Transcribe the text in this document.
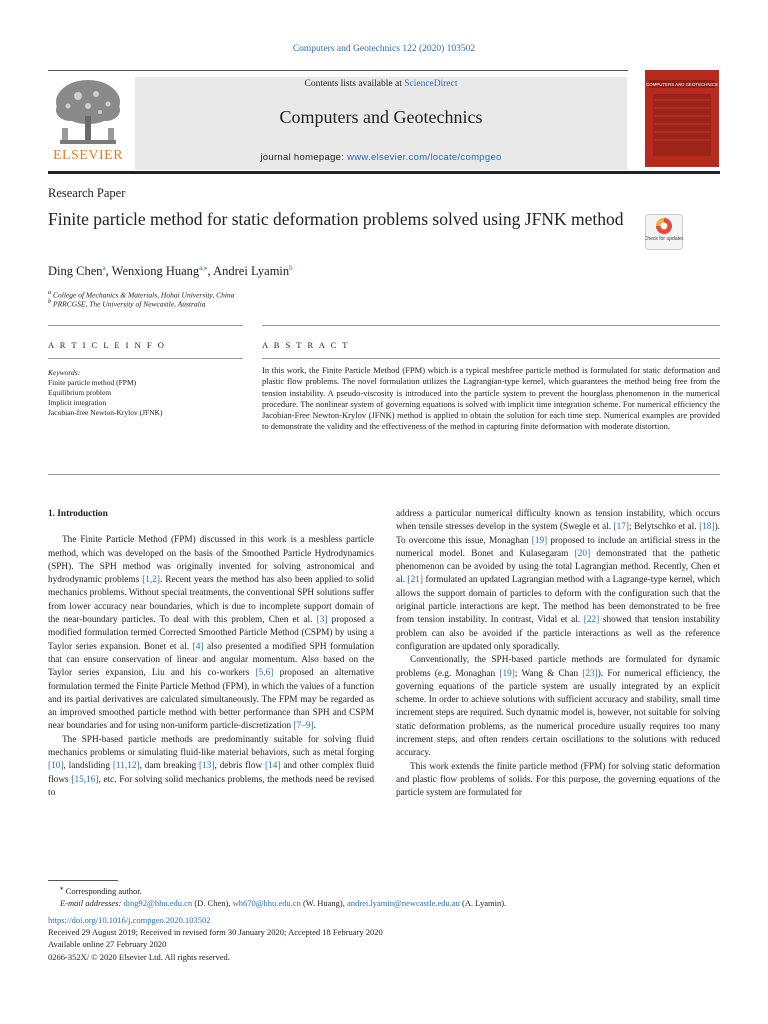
Computers and Geotechnics 122 (2020) 103502
ELSEVIER
Contents lists available at ScienceDirect
Computers and Geotechnics
journal homepage: www.elsevier.com/locate/compgeo
COMPUTERS AND GEOTECHNICS
Research Paper
Finite particle method for static deformation problems solved using JFNK method
Check for updates
Ding Chen$^a$, Wenxiong Huang$^{a,⁎}$, Andrei Lyamin$^b$
$^a$ College of Mechanics & Materials, Hohai University, China
$^b$ PRRCGSE, The University of Newcastle, Australia
A R T I C L E I N F O	A B S T R A C T
Keywords:
Finite particle method (FPM)
Equilibrium problem
Implicit integration
Jacobian-free Newton-Krylov (JFNK)
In this work, the Finite Particle Method (FPM) which is a typical meshfree particle method is formulated for static deformation and plastic flow problems. The novel formulation utilizes the Lagrangian-type kernel, which guarantees the method being free from the tension instability. A pseudo-viscosity is introduced into the particle system to prevent the hourglass phenomenon in the numerical procedure. The nonlinear system of governing equations is solved with implicit time integration scheme. For numerical efficiency the Jacobian-Free Newton-Krylov (JFNK) method is applied to obtain the solution for each time step. Numerical examples are provided to demonstrate the validity and the effectiveness of the method in capturing finite deformation with moderate distortion.

1. Introduction

The Finite Particle Method (FPM) discussed in this work is a meshless particle method, which was developed on the basis of the Smoothed Particle Hydrodynamics (SPH). The SPH method was originally invented for solving astronomical and hydrodynamic problems [1,2]. Recent years the method has also been applied to solid mechanics problems. Without special treatments, the conventional SPH solutions suffer from lower accuracy near boundaries, which is due to incomplete support domain of the near-boundary particles. To deal with this problem, Chen et al. [3] proposed a modified formulation termed Corrected Smoothed Particle Method (CSPM) by using a Taylor series expansion. Bonet et al. [4] also presented a modified SPH formulation that can ensure conservation of linear and angular momentum. Also based on the Taylor series expansion, Liu and his co-workers [5,6] proposed an alternative formulation termed the Finite Particle Method (FPM), in which the values of a function and its partial derivatives are calculated simultaneously. The FPM may be regarded as an improved smoothed particle method with better performance than SPH and CSPM near boundaries and for using non-uniform particle-discretization [7–9].

The SPH-based particle methods are predominantly suitable for solving fluid mechanics problems or simulating fluid-like material behaviors, such as metal forging [10], landsliding [11,12], dam breaking [13], debris flow [14] and other complex fluid flows [15,16], etc. For solving solid mechanics problems, the methods need be revised to

address a particular numerical difficulty known as tension instability, which occurs when tensile stresses develop in the system (Swegle et al. [17]; Belytschko et al. [18]). To overcome this issue, Monaghan [19] proposed to include an artificial stress in the numerical model. Bonet and Kulasegaram [20] demonstrated that the pathetic phenomenon can be avoided by using the total Lagrangian method. Recently, Chen et al. [21] formulated an updated Lagrangian method with a Lagrange-type kernel, which allows the support domain of particles to deform with the configuration such that the original particle interactions are kept. The method has been demonstrated to be free from tension instability. In contrast, Vidal et al. [22] showed that tension instability problem can also be avoided if the particle interactions as well as the reference configuration are updated only sporadically.

Conventionally, the SPH-based particle methods are formulated for dynamic problems (e.g. Monaghan [19]; Wang & Chan [23]). For numerical efficiency, the governing equations of the particle system are usually integrated by an explicit scheme. In order to achieve solutions with sufficient accuracy and stability, small time increment steps are required. Such dynamic model is, however, not suitable for solving static deformation problems, as the numerical procedure usually requires too many increment steps, and often renders certain oscillations to the solutions with reduced accuracy.

This work extends the finite particle method (FPM) for solving static deformation and plastic flow problems of solids. For this purpose, the governing equations of the particle system are formulated for

⁎ Corresponding author.
E-mail addresses: ding92@hhu.edu.cn (D. Chen), wh670@hhu.edu.cn (W. Huang), andrei.lyamin@newcastle.edu.au (A. Lyamin).
https://doi.org/10.1016/j.compgeo.2020.103502
Received 29 August 2019; Received in revised form 30 January 2020; Accepted 18 February 2020
Available online 27 February 2020
0266-352X/ © 2020 Elsevier Ltd. All rights reserved.
